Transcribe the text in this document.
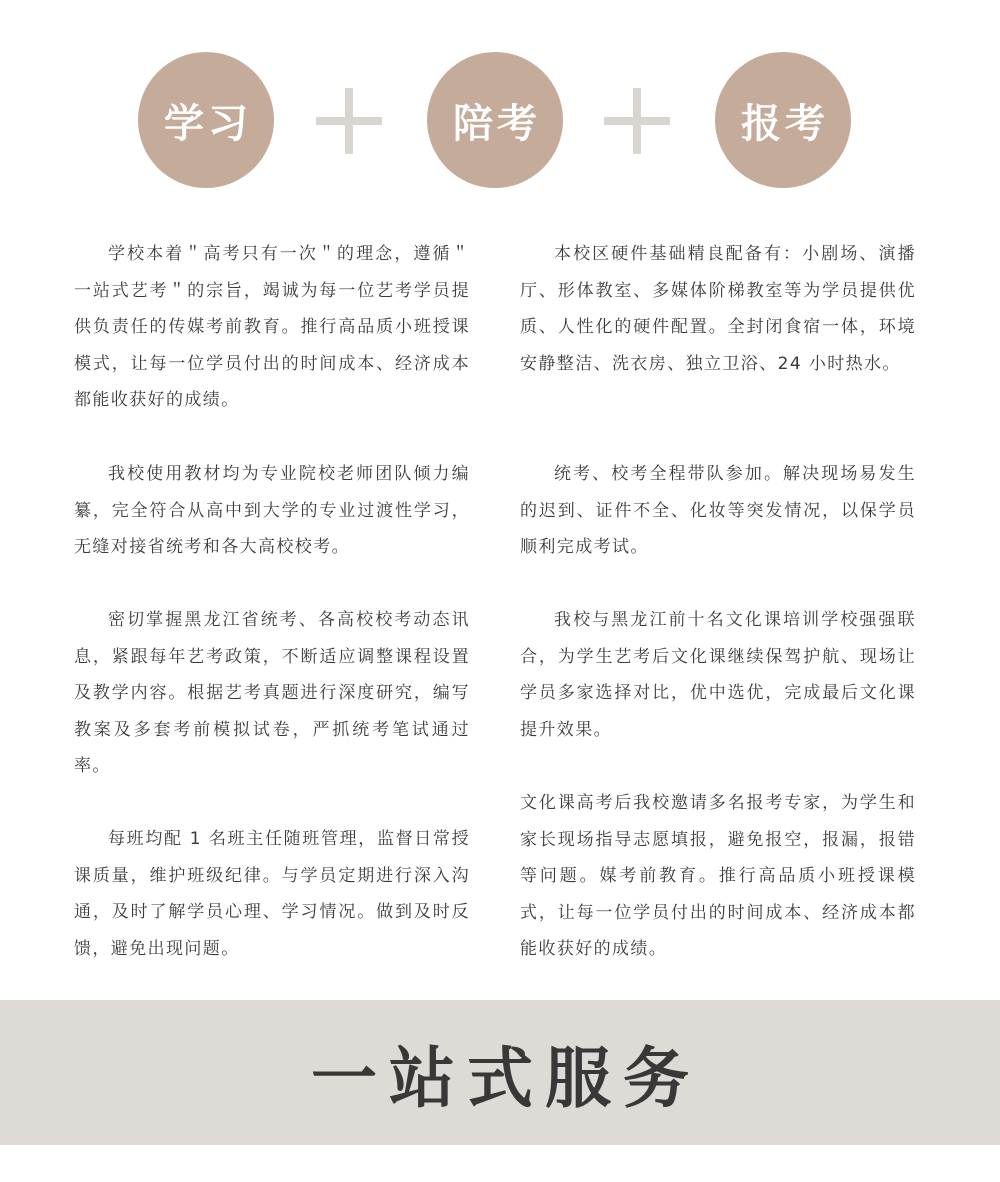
学习	陪考	报考

学校本着＂高考只有一次＂的理念，遵循＂一站式艺考＂的宗旨，竭诚为每一位艺考学员提供负责任的传媒考前教育。推行高品质小班授课模式，让每一位学员付出的时间成本、经济成本都能收获好的成绩。

我校使用教材均为专业院校老师团队倾力编纂，完全符合从高中到大学的专业过渡性学习，无缝对接省统考和各大高校校考。

密切掌握黑龙江省统考、各高校校考动态讯息，紧跟每年艺考政策，不断适应调整课程设置及教学内容。根据艺考真题进行深度研究，编写教案及多套考前模拟试卷，严抓统考笔试通过率。

每班均配 1 名班主任随班管理，监督日常授课质量，维护班级纪律。与学员定期进行深入沟通，及时了解学员心理、学习情况。做到及时反馈，避免出现问题。

本校区硬件基础精良配备有：小剧场、演播厅、形体教室、多媒体阶梯教室等为学员提供优质、人性化的硬件配置。全封闭食宿一体，环境安静整洁、洗衣房、独立卫浴、24 小时热水。

统考、校考全程带队参加。解决现场易发生的迟到、证件不全、化妆等突发情况，以保学员顺利完成考试。

我校与黑龙江前十名文化课培训学校强强联合，为学生艺考后文化课继续保驾护航、现场让学员多家选择对比，优中选优，完成最后文化课提升效果。

文化课高考后我校邀请多名报考专家，为学生和家长现场指导志愿填报，避免报空，报漏，报错等问题。媒考前教育。推行高品质小班授课模式，让每一位学员付出的时间成本、经济成本都能收获好的成绩。

一站式服务
